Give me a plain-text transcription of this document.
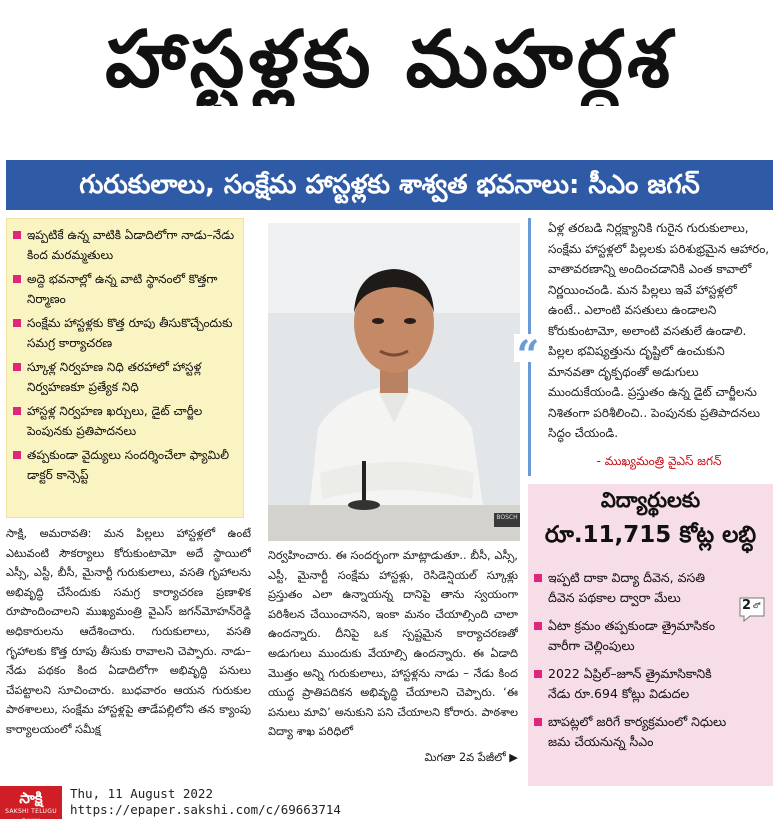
హాస్టళ్లకు మహర్దశ
గురుకులాలు, సంక్షేమ హాస్టళ్లకు శాశ్వత భవనాలు: సీఎం జగన్
ఇప్పటికే ఉన్న వాటికి ఏడాదిలోగా నాడు–నేడు కింద మరమ్మతులు
అద్దె భవనాల్లో ఉన్న వాటి స్థానంలో కొత్తగా నిర్మాణం
సంక్షేమ హాస్టళ్లకు కొత్త రూపు తీసుకొచ్చేందుకు సమగ్ర కార్యాచరణ
స్కూళ్ల నిర్వహణ నిధి తరహాలో హాస్టళ్ల నిర్వహణకూ ప్రత్యేక నిధి
హాస్టళ్ల నిర్వహణ ఖర్చులు, డైట్ చార్జీల పెంపునకు ప్రతిపాదనలు
తప్పకుండా వైద్యులు సందర్శించేలా ఫ్యామిలీ డాక్టర్ కాన్సెప్ట్
BOSCH
ఏళ్ల తరబడి నిర్లక్ష్యానికి గురైన గురుకులాలు, సంక్షేమ హాస్టళ్లలో పిల్లలకు పరిశుభ్రమైన ఆహారం, వాతావరణాన్ని అందించడానికి ఎంత కావాలో నిర్ణయించండి. మన పిల్లలు ఇవే హాస్టళ్లలో ఉంటే.. ఎలాంటి వసతులు ఉండాలని కోరుకుంటామో, అలాంటి వసతులే ఉండాలి. పిల్లల భవిష్యత్తును దృష్టిలో ఉంచుకుని మానవతా దృక్పథంతో అడుగులు ముందుకేయండి. ప్రస్తుతం ఉన్న డైట్ చార్జీలను నిశితంగా పరిశీలించి.. పెంపునకు ప్రతిపాదనలు సిద్ధం చేయండి.
- ముఖ్యమంత్రి వైఎస్ జగన్
“
విద్యార్థులకు
రూ.11,715 కోట్ల లబ్ధి
ఇప్పటి దాకా విద్యా దీవెన, వసతి దీవెన పథకాల ద్వారా మేలు
ఏటా క్రమం తప్పకుండా త్రైమాసికం వారీగా చెల్లింపులు
2022 ఏప్రిల్–జూన్ త్రైమాసికానికి నేడు రూ.694 కోట్లు విడుదల
బాపట్లలో జరిగే కార్యక్రమంలో నిధులు జమ చేయనున్న సీఎం
2 లో
సాక్షి, అమరావతి: మన పిల్లలు హాస్టళ్లలో ఉంటే ఎటువంటి సౌకర్యాలు కోరుకుంటామో అదే స్థాయిలో ఎస్సీ, ఎస్టీ, బీసీ, మైనార్టీ గురుకులాలు, వసతి గృహాలను అభివృద్ధి చేసేందుకు సమగ్ర కార్యాచరణ ప్రణాళిక రూపొందించాలని ముఖ్యమంత్రి వైఎస్ జగన్‌మోహన్‌రెడ్డి అధికారులను ఆదేశించారు. గురుకులాలు, వసతి గృహాలకు కొత్త రూపు తీసుకు రావాలని చెప్పారు. నాడు–నేడు పథకం కింద ఏడాదిలోగా అభివృద్ధి పనులు చేపట్టాలని సూచించారు. బుధవారం ఆయన గురుకుల పాఠశాలలు, సంక్షేమ హాస్టళ్లపై తాడేపల్లిలోని తన క్యాంపు కార్యాలయంలో సమీక్ష
నిర్వహించారు. ఈ సందర్భంగా మాట్లాడుతూ.. బీసీ, ఎస్సీ, ఎస్టీ, మైనార్టీ సంక్షేమ హాస్టళ్లు, రెసిడెన్షియల్ స్కూళ్లు ప్రస్తుతం ఎలా ఉన్నాయన్న దానిపై తాను స్వయంగా పరిశీలన చేయించానని, ఇంకా మనం చేయాల్సింది చాలా ఉందన్నారు. దీనిపై ఒక స్పష్టమైన కార్యాచరణతో అడుగులు ముందుకు వేయాల్సి ఉందన్నారు. ఈ ఏడాది మొత్తం అన్ని గురుకులాలు, హాస్టళ్లను నాడు – నేడు కింద యుద్ధ ప్రాతిపదికన అభివృద్ధి చేయాలని చెప్పారు. ‘ఈ పనులు మావి’ అనుకుని పని చేయాలని కోరారు. పాఠశాల విద్యా శాఖ పరిధిలో
మిగతా 2వ పేజీలో ▶
సాక్షి
SAKSHI TELUGU DAILY
Thu, 11 August 2022
https://epaper.sakshi.com/c/69663714
